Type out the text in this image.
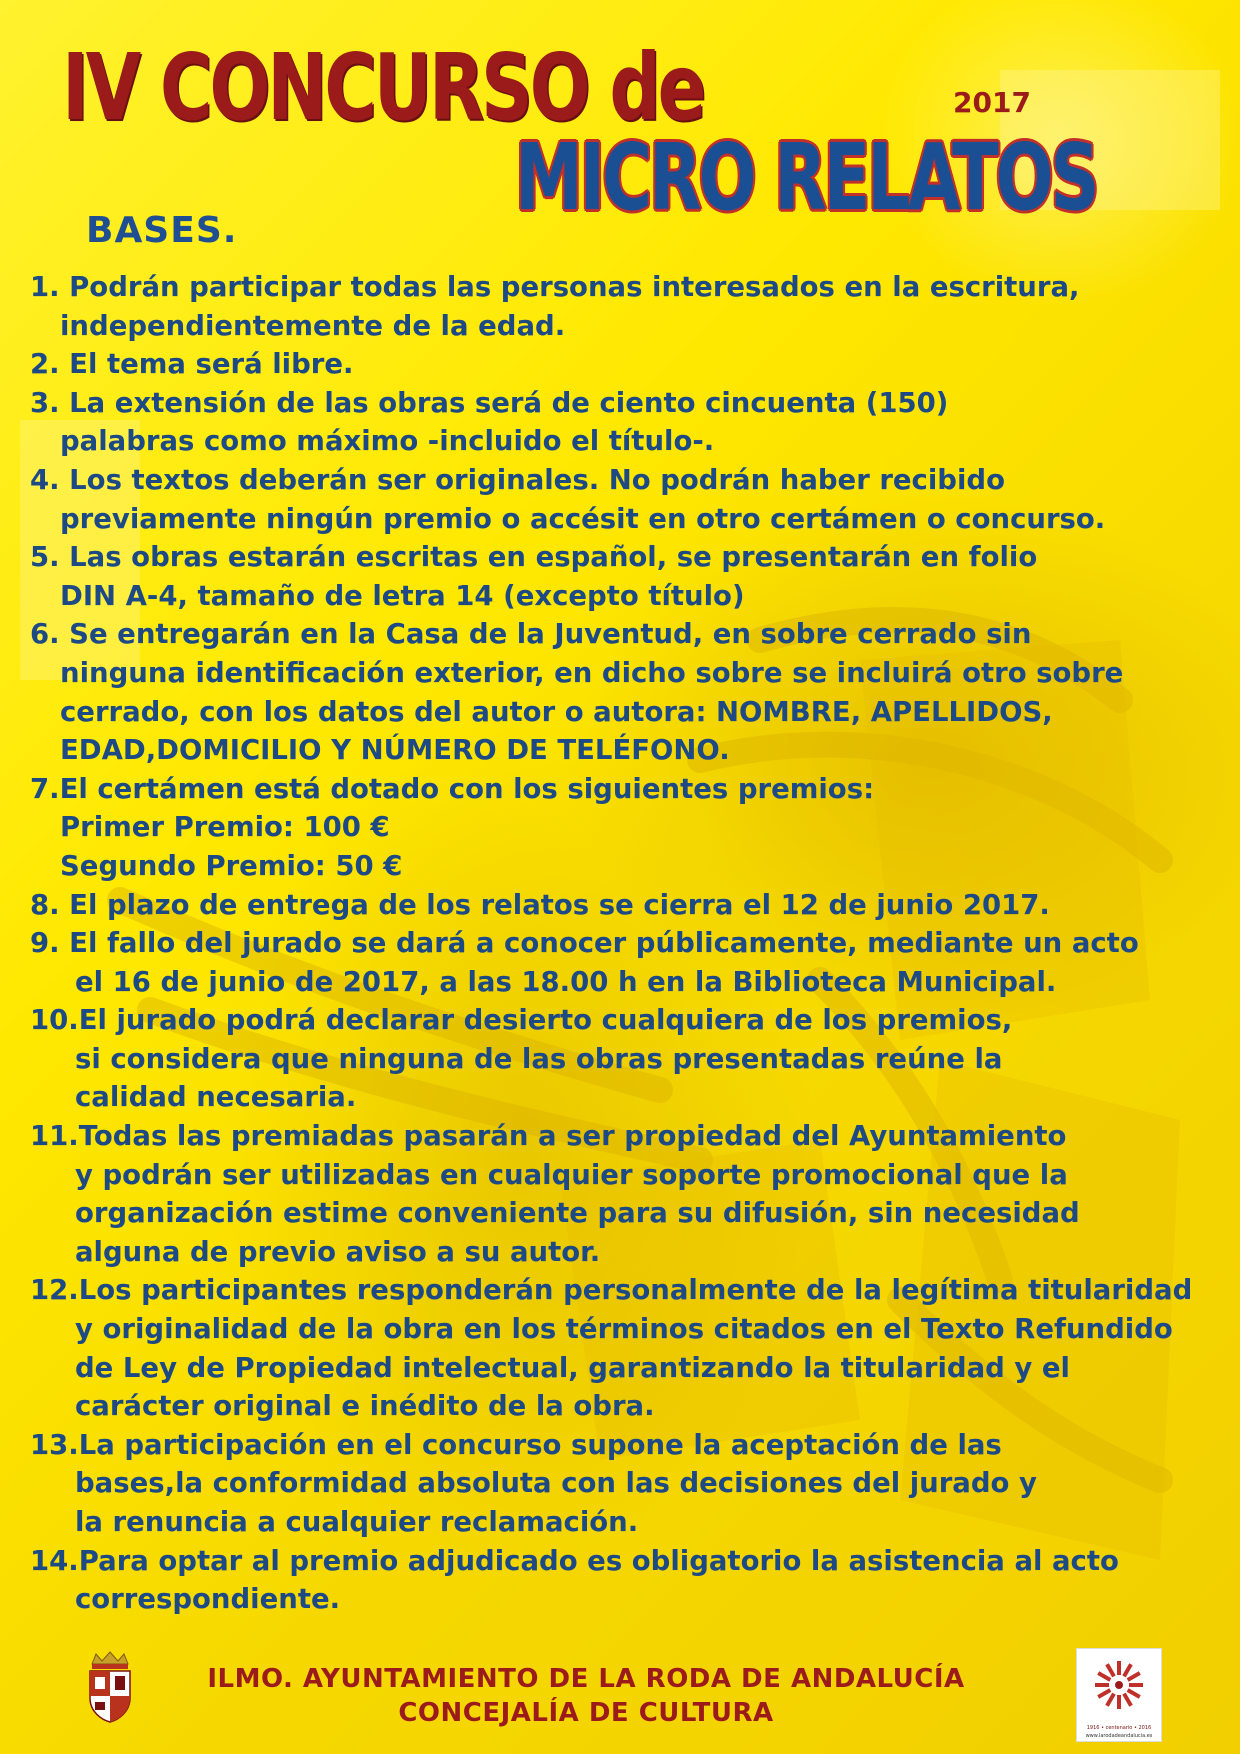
IV CONCURSO de	2017
MICRO RELATOS
BASES.
1. Podrán participar todas las personas interesados en la escritura,
independientemente de la edad.
2. El tema será libre.
3. La extensión de las obras será de ciento cincuenta (150)
palabras como máximo -incluido el título-.
4. Los textos deberán ser originales. No podrán haber recibido
previamente ningún premio o accésit en otro certámen o concurso.
5. Las obras estarán escritas en español, se presentarán en folio
DIN A-4, tamaño de letra 14 (excepto título)
6. Se entregarán en la Casa de la Juventud, en sobre cerrado sin
ninguna identificación exterior, en dicho sobre se incluirá otro sobre
cerrado, con los datos del autor o autora: NOMBRE, APELLIDOS,
EDAD,DOMICILIO Y NÚMERO DE TELÉFONO.
7.El certámen está dotado con los siguientes premios:
Primer Premio: 100 €
Segundo Premio: 50 €
8. El plazo de entrega de los relatos se cierra el 12 de junio 2017.
9. El fallo del jurado se dará a conocer públicamente, mediante un acto
el 16 de junio de 2017, a las 18.00 h en la Biblioteca Municipal.
10.El jurado podrá declarar desierto cualquiera de los premios,
si considera que ninguna de las obras presentadas reúne la
calidad necesaria.
11.Todas las premiadas pasarán a ser propiedad del Ayuntamiento
y podrán ser utilizadas en cualquier soporte promocional que la
organización estime conveniente para su difusión, sin necesidad
alguna de previo aviso a su autor.
12.Los participantes responderán personalmente de la legítima titularidad
y originalidad de la obra en los términos citados en el Texto Refundido
de Ley de Propiedad intelectual, garantizando la titularidad y el
carácter original e inédito de la obra.
13.La participación en el concurso supone la aceptación de las
bases,la conformidad absoluta con las decisiones del jurado y
la renuncia a cualquier reclamación.
14.Para optar al premio adjudicado es obligatorio la asistencia al acto
correspondiente.
ILMO. AYUNTAMIENTO DE LA RODA DE ANDALUCÍA
CONCEJALÍA DE CULTURA	1916 • centenario • 2016
www.larodadeandalucia.es
